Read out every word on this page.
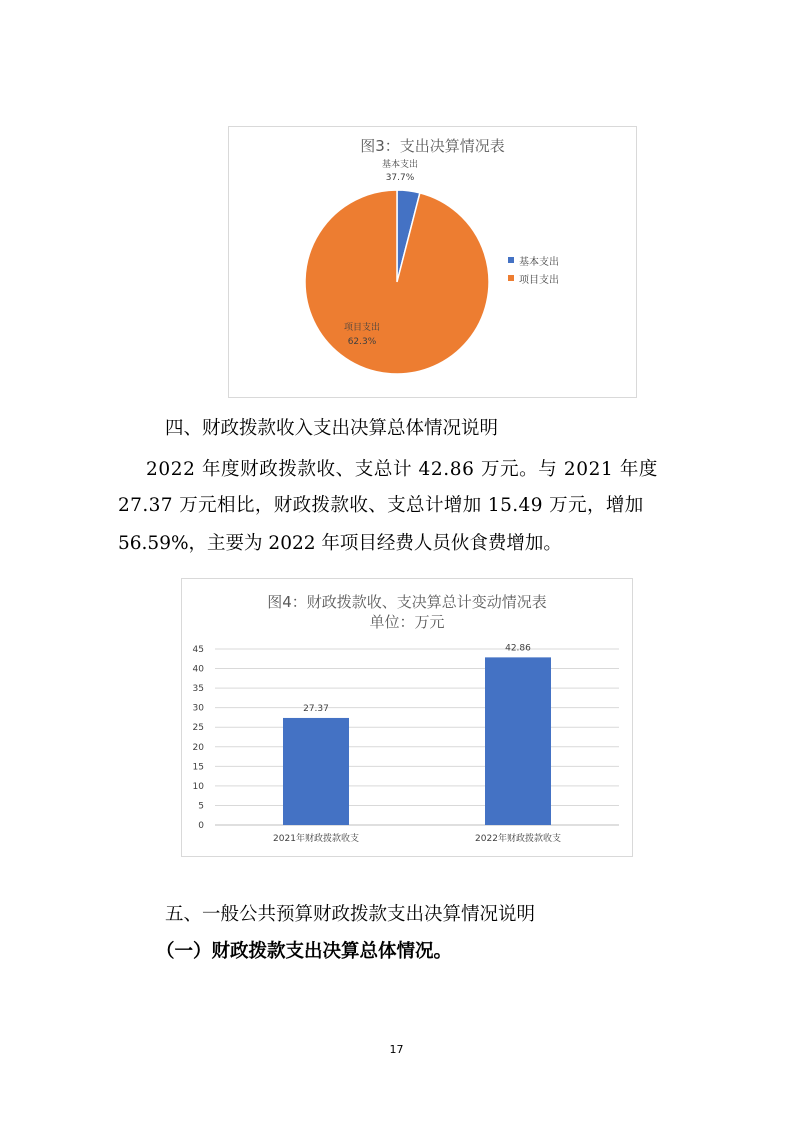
图3：支出决算情况表
基本支出
37.7%
项目支出
62.3%
基本支出
项目支出
四、财政拨款收入支出决算总体情况说明
2022 年度财政拨款收、支总计 42.86 万元。与 2021 年度
27.37 万元相比，财政拨款收、支总计增加 15.49 万元，增加
56.59%，主要为 2022 年项目经费人员伙食费增加。
图4：财政拨款收、支决算总计变动情况表
单位：万元
0
5
10
15
20
25
30
35
40
45
27.37
2021年财政拨款收支
42.86
2022年财政拨款收支
五、一般公共预算财政拨款支出决算情况说明
（一）财政拨款支出决算总体情况。
17
